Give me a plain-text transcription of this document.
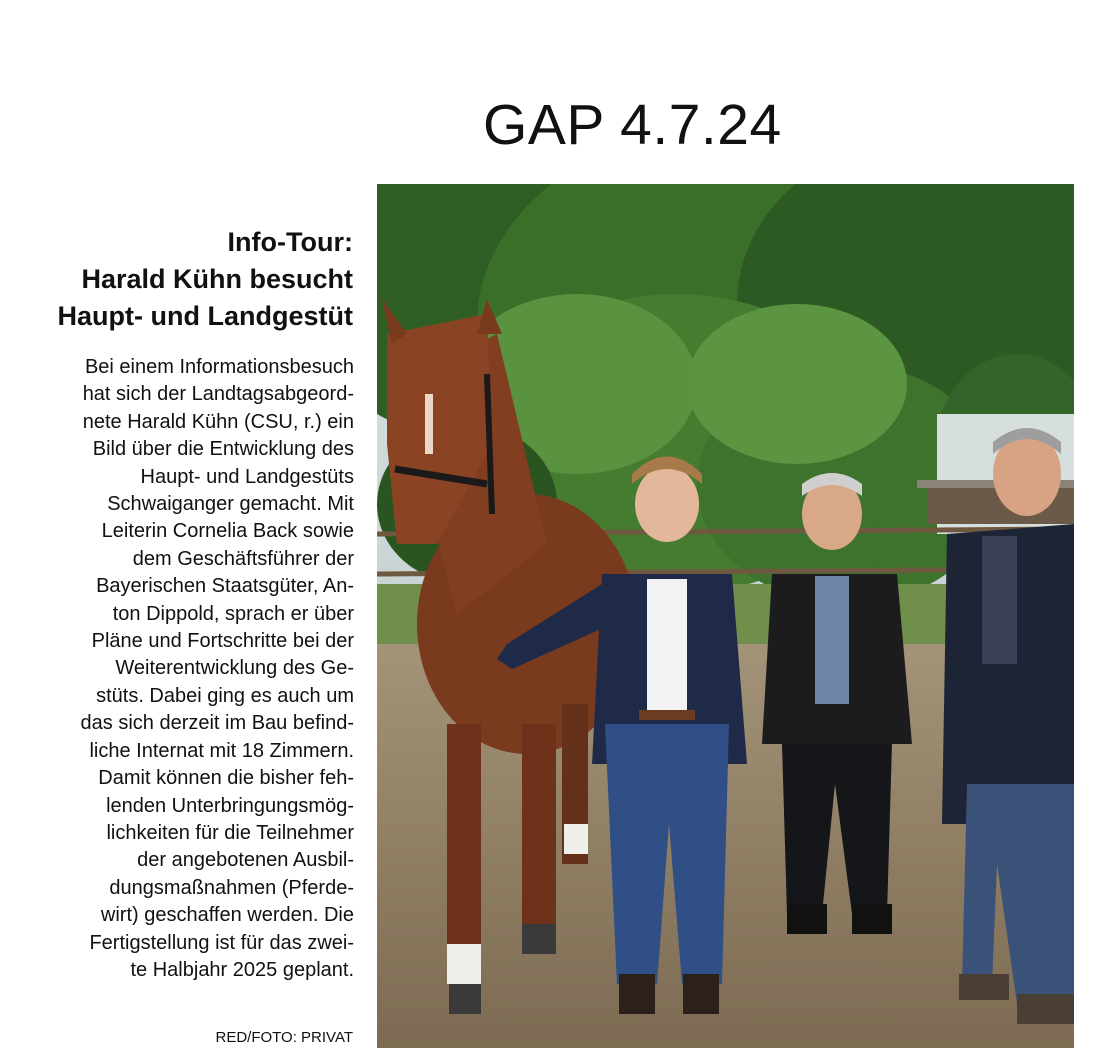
GAP 4.7.24
Info-Tour:
Harald Kühn besucht
Haupt- und Landgestüt
Bei einem Informationsbesuch
hat sich der Landtagsabgeord-
nete Harald Kühn (CSU, r.) ein
Bild über die Entwicklung des
Haupt- und Landgestüts
Schwaiganger gemacht. Mit
Leiterin Cornelia Back sowie
dem Geschäftsführer der
Bayerischen Staatsgüter, An-
ton Dippold, sprach er über
Pläne und Fortschritte bei der
Weiterentwicklung des Ge-
stüts. Dabei ging es auch um
das sich derzeit im Bau befind-
liche Internat mit 18 Zimmern.
Damit können die bisher feh-
lenden Unterbringungsmög-
lichkeiten für die Teilnehmer
der angebotenen Ausbil-
dungsmaßnahmen (Pferde-
wirt) geschaffen werden. Die
Fertigstellung ist für das zwei-
te Halbjahr 2025 geplant.
RED/FOTO: PRIVAT
